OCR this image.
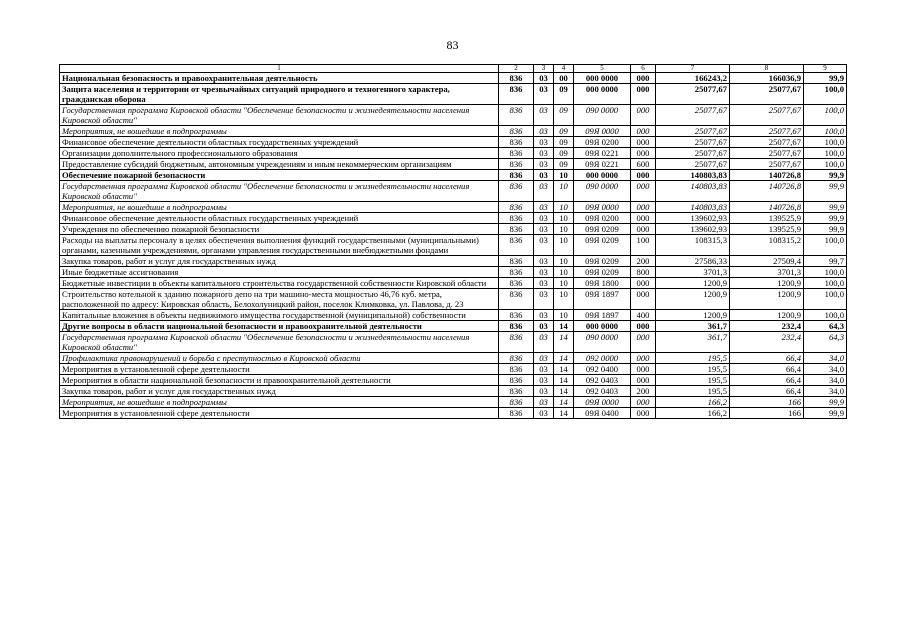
83
1	2	3	4	5	6	7	8	9
Национальная безопасность и правоохранительная деятельность	836	03	00	000 0000	000	166243,2	166036,9	99,9
Защита населения и территории от чрезвычайных ситуаций природного и техногенного характера, гражданская оборона	836	03	09	000 0000	000	25077,67	25077,67	100,0
Государственная программа Кировской области "Обеспечение безопасности и жизнедеятельности населения Кировской области"	836	03	09	090 0000	000	25077,67	25077,67	100,0
Мероприятия, не вошедшие в подпрограммы	836	03	09	09Я 0000	000	25077,67	25077,67	100,0
Финансовое обеспечение деятельности областных государственных учреждений	836	03	09	09Я 0200	000	25077,67	25077,67	100,0
Организации дополнительного профессионального образования	836	03	09	09Я 0221	000	25077,67	25077,67	100,0
Предоставление субсидий бюджетным, автономным учреждениям и иным некоммерческим организациям	836	03	09	09Я 0221	600	25077,67	25077,67	100,0
Обеспечение пожарной безопасности	836	03	10	000 0000	000	140803,83	140726,8	99,9
Государственная программа Кировской области "Обеспечение безопасности и жизнедеятельности населения Кировской области"	836	03	10	090 0000	000	140803,83	140726,8	99,9
Мероприятия, не вошедшие в подпрограммы	836	03	10	09Я 0000	000	140803,83	140726,8	99,9
Финансовое обеспечение деятельности областных государственных учреждений	836	03	10	09Я 0200	000	139602,93	139525,9	99,9
Учреждения по обеспечению пожарной безопасности	836	03	10	09Я 0209	000	139602,93	139525,9	99,9
Расходы на выплаты персоналу в целях обеспечения выполнения функций государственными (муниципальными) органами, казенными учреждениями, органами управления государственными внебюджетными фондами	836	03	10	09Я 0209	100	108315,3	108315,2	100,0
Закупка товаров, работ и услуг для государственных нужд	836	03	10	09Я 0209	200	27586,33	27509,4	99,7
Иные бюджетные ассигнования	836	03	10	09Я 0209	800	3701,3	3701,3	100,0
Бюджетные инвестиции в объекты капитального строительства государственной собственности Кировской области	836	03	10	09Я 1800	000	1200,9	1200,9	100,0
Строительство котельной к зданию пожарного депо на три машино-места мощностью 46,76 куб. метра, расположенной по адресу: Кировская область, Белохолуницкий район, поселок Климковка, ул. Павлова, д. 23	836	03	10	09Я 1897	000	1200,9	1200,9	100,0
Капитальные вложения в объекты недвижимого имущества государственной (муниципальной) собственности	836	03	10	09Я 1897	400	1200,9	1200,9	100,0
Другие вопросы в области национальной безопасности и правоохранительной деятельности	836	03	14	000 0000	000	361,7	232,4	64,3
Государственная программа Кировской области "Обеспечение безопасности и жизнедеятельности населения Кировской области"	836	03	14	090 0000	000	361,7	232,4	64,3
Профилактика правонарушений и борьба с преступностью в Кировской области	836	03	14	092 0000	000	195,5	66,4	34,0
Мероприятия в установленной сфере деятельности	836	03	14	092 0400	000	195,5	66,4	34,0
Мероприятия в области национальной безопасности и правоохранительной деятельности	836	03	14	092 0403	000	195,5	66,4	34,0
Закупка товаров, работ и услуг для государственных нужд	836	03	14	092 0403	200	195,5	66,4	34,0
Мероприятия, не вошедшие в подпрограммы	836	03	14	09Я 0000	000	166,2	166	99,9
Мероприятия в установленной сфере деятельности	836	03	14	09Я 0400	000	166,2	166	99,9
